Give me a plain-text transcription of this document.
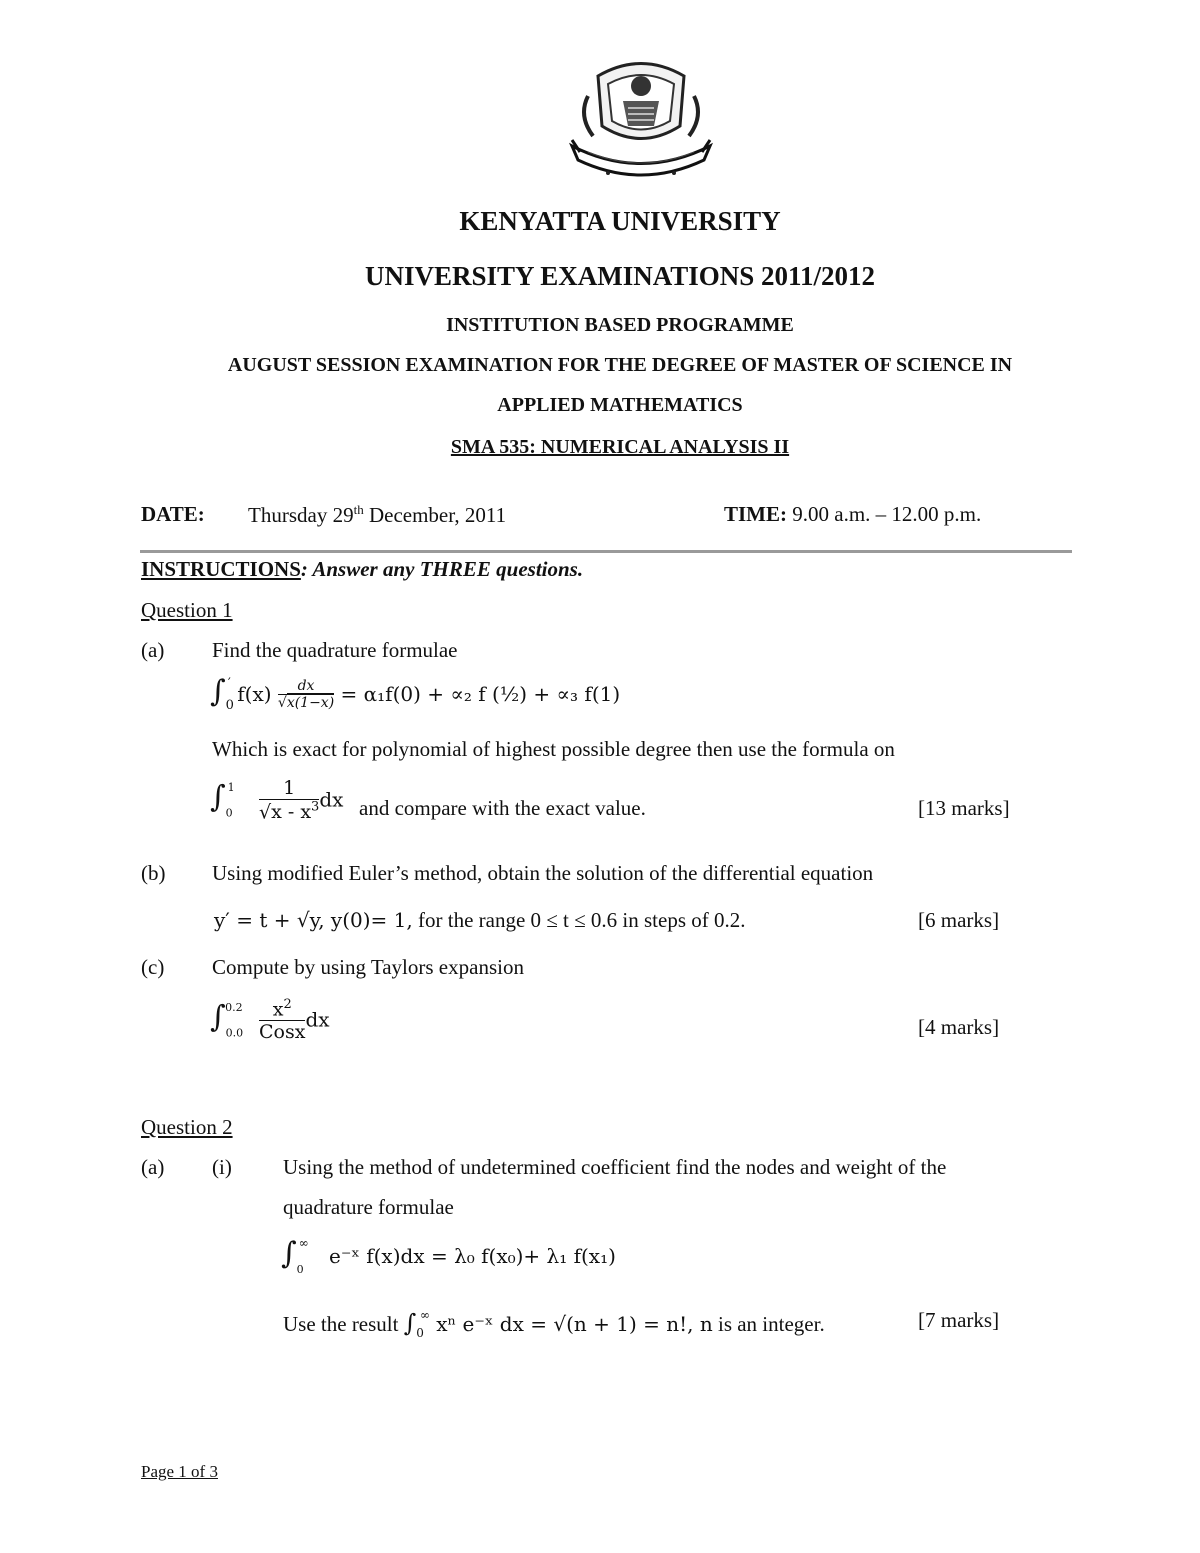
KENYATTA UNIVERSITY
UNIVERSITY EXAMINATIONS 2011/2012
INSTITUTION BASED PROGRAMME
AUGUST SESSION EXAMINATION FOR THE DEGREE OF MASTER OF SCIENCE IN
APPLIED MATHEMATICS
SMA 535: NUMERICAL ANALYSIS II
DATE: Thursday 29th December, 2011	TIME: 9.00 a.m. – 12.00 p.m.
INSTRUCTIONS: Answer any THREE questions.
Question 1
(a) Find the quadrature formulae
$\int_0'$ $f(x) \frac{dx}{√x(1-x)} = \alpha_1f(0) + \propto_2$ f (½) + ∝₃ f(1)
Which is exact for polynomial of highest possible degree then use the formula on
$\int_0^1 \frac{1}{√x - x^3}$ dx and compare with the exact value.	[13 marks]
(b) Using modified Euler’s method, obtain the solution of the differential equation
y′ = t + √y, y(0)= 1, for the range 0 ≤ t ≤ 0.6 in steps of 0.2.	[6 marks]
(c) Compute by using Taylors expansion
$\int_{0.0}^{0.2} \frac{x^2}{\text{Cosx}}$ dx	[4 marks]
Question 2
(a) (i) Using the method of undetermined coefficient find the nodes and weight of the
quadrature formulae
$\int_0^\infty$ e⁻ˣ f(x)dx = λ₀ f(x₀)+ λ₁ f(x₁)
Use the result $\int_0^\infty$ xⁿ e⁻ˣ dx = √(n + 1) = n!, n is an integer.	[7 marks]
Page 1 of 3
